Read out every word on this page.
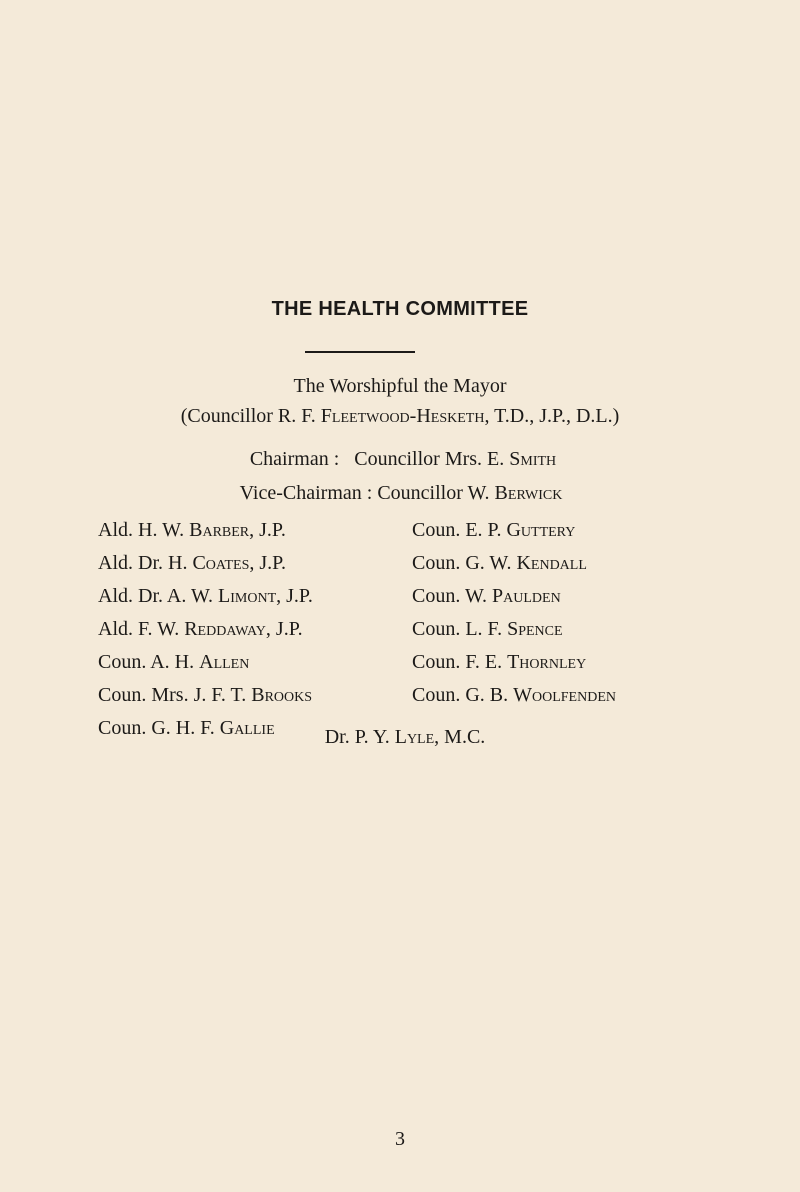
THE HEALTH COMMITTEE
The Worshipful the Mayor
(Councillor R. F. Fleetwood-Hesketh, T.D., J.P., D.L.)
Chairman : Councillor Mrs. E. Smith
Vice-Chairman : Councillor W. Berwick
Ald. H. W. Barber, J.P.
Ald. Dr. H. Coates, J.P.
Ald. Dr. A. W. Limont, J.P.
Ald. F. W. Reddaway, J.P.
Coun. A. H. Allen
Coun. Mrs. J. F. T. Brooks
Coun. G. H. F. Gallie
Coun. E. P. Guttery
Coun. G. W. Kendall
Coun. W. Paulden
Coun. L. F. Spence
Coun. F. E. Thornley
Coun. G. B. Woolfenden
Dr. P. Y. Lyle, M.C.
3
